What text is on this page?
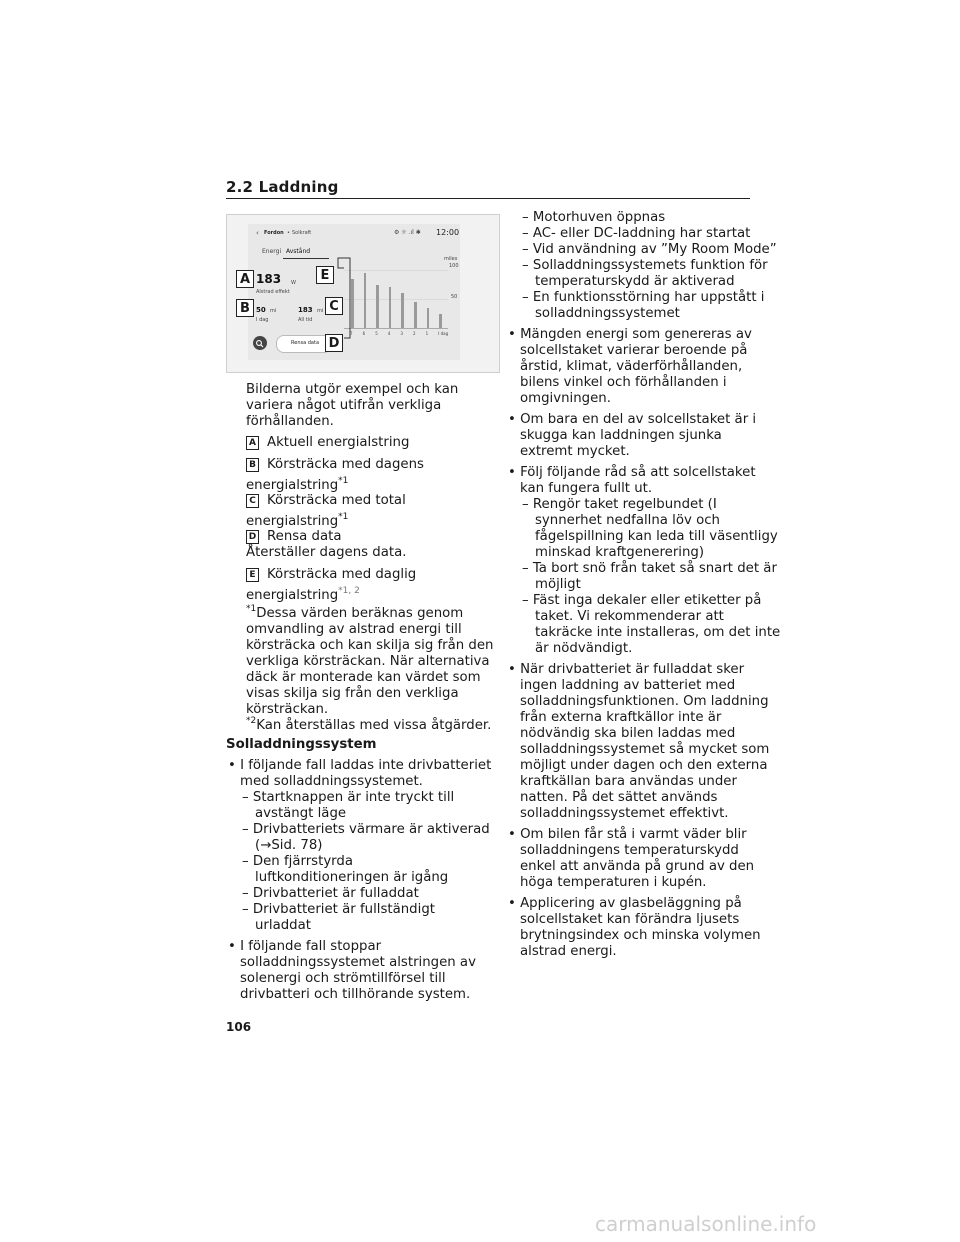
2.2 Laddning
‹ Fordon • Solkraft	⚙ ☼ .ıl ✱ 12:00
Energi Avstånd
183 W
Alstrad effekt
50 mi
I dag
183 mi
All tid
Rensa data
miles
100
50
7	6	5	4	3	2	1	I dag
A
B	C
D
E
Bilderna utgör exempel och kan
variera något utifrån verkliga
förhållanden.
A Aktuell energialstring
B Körsträcka med dagens
energialstring$^{*1}$
C Körsträcka med total
energialstring$^{*1}$
D Rensa data
Återställer dagens data.
E Körsträcka med daglig
energialstring$^{*1, 2}$
$^{*1}$Dessa värden beräknas genom
omvandling av alstrad energi till
körsträcka och kan skilja sig från den
verkliga körsträckan. När alternativa
däck är monterade kan värdet som
visas skilja sig från den verkliga
körsträckan.
$^{*2}$Kan återställas med vissa åtgärder.
Solladdningssystem
• I följande fall laddas inte drivbatteriet
med solladdningssystemet.
– Startknappen är inte tryckt till
avstängt läge
– Drivbatteriets värmare är aktiverad
(→Sid. 78)
– Den fjärrstyrda
luftkonditioneringen är igång
– Drivbatteriet är fulladdat
– Drivbatteriet är fullständigt
urladdat
• I följande fall stoppar
solladdningssystemet alstringen av
solenergi och strömtillförsel till
drivbatteri och tillhörande system.
– Motorhuven öppnas
– AC- eller DC-laddning har startat
– Vid användning av ”My Room Mode”
– Solladdningssystemets funktion för
temperaturskydd är aktiverad
– En funktionsstörning har uppstått i
solladdningssystemet
• Mängden energi som genereras av
solcellstaket varierar beroende på
årstid, klimat, väderförhållanden,
bilens vinkel och förhållanden i
omgivningen.
• Om bara en del av solcellstaket är i
skugga kan laddningen sjunka
extremt mycket.
• Följ följande råd så att solcellstaket
kan fungera fullt ut.
– Rengör taket regelbundet (I
synnerhet nedfallna löv och
fågelspillning kan leda till väsentligy
minskad kraftgenerering)
– Ta bort snö från taket så snart det är
möjligt
– Fäst inga dekaler eller etiketter på
taket. Vi rekommenderar att
takräcke inte installeras, om det inte
är nödvändigt.
• När drivbatteriet är fulladdat sker
ingen laddning av batteriet med
solladdningsfunktionen. Om laddning
från externa kraftkällor inte är
nödvändig ska bilen laddas med
solladdningssystemet så mycket som
möjligt under dagen och den externa
kraftkällan bara användas under
natten. På det sättet används
solladdningssystemet effektivt.
• Om bilen får stå i varmt väder blir
solladdningens temperaturskydd
enkel att använda på grund av den
höga temperaturen i kupén.
• Applicering av glasbeläggning på
solcellstaket kan förändra ljusets
brytningsindex och minska volymen
alstrad energi.
106
carmanualsonline.info
